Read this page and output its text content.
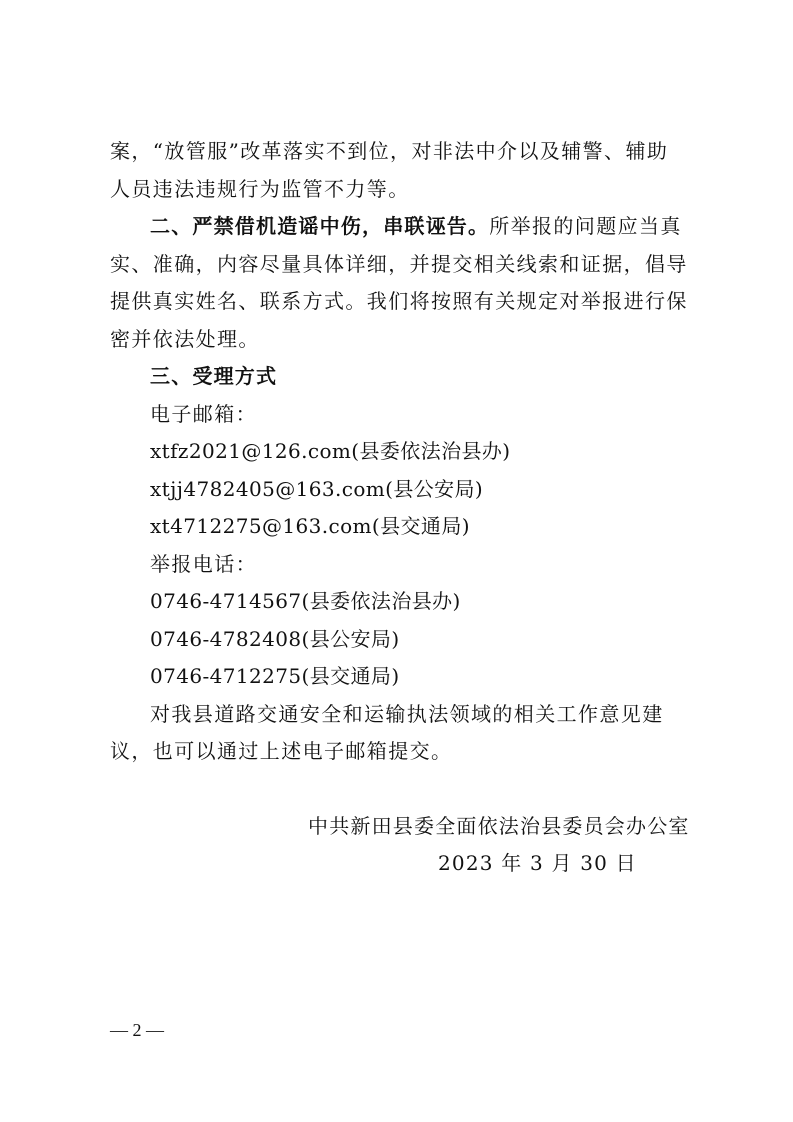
案，“放管服”改革落实不到位，对非法中介以及辅警、辅助
人员违法违规行为监管不力等。
二、严禁借机造谣中伤，串联诬告。所举报的问题应当真
实、准确，内容尽量具体详细，并提交相关线索和证据，倡导
提供真实姓名、联系方式。我们将按照有关规定对举报进行保
密并依法处理。
三、受理方式
电子邮箱：
xtfz2021@126.com(县委依法治县办)
xtjj4782405@163.com(县公安局)
xt4712275@163.com(县交通局)
举报电话：
0746-4714567(县委依法治县办)
0746-4782408(县公安局)
0746-4712275(县交通局)
对我县道路交通安全和运输执法领域的相关工作意见建
议，也可以通过上述电子邮箱提交。
中共新田县委全面依法治县委员会办公室
2023 年 3 月 30 日
— 2 —
